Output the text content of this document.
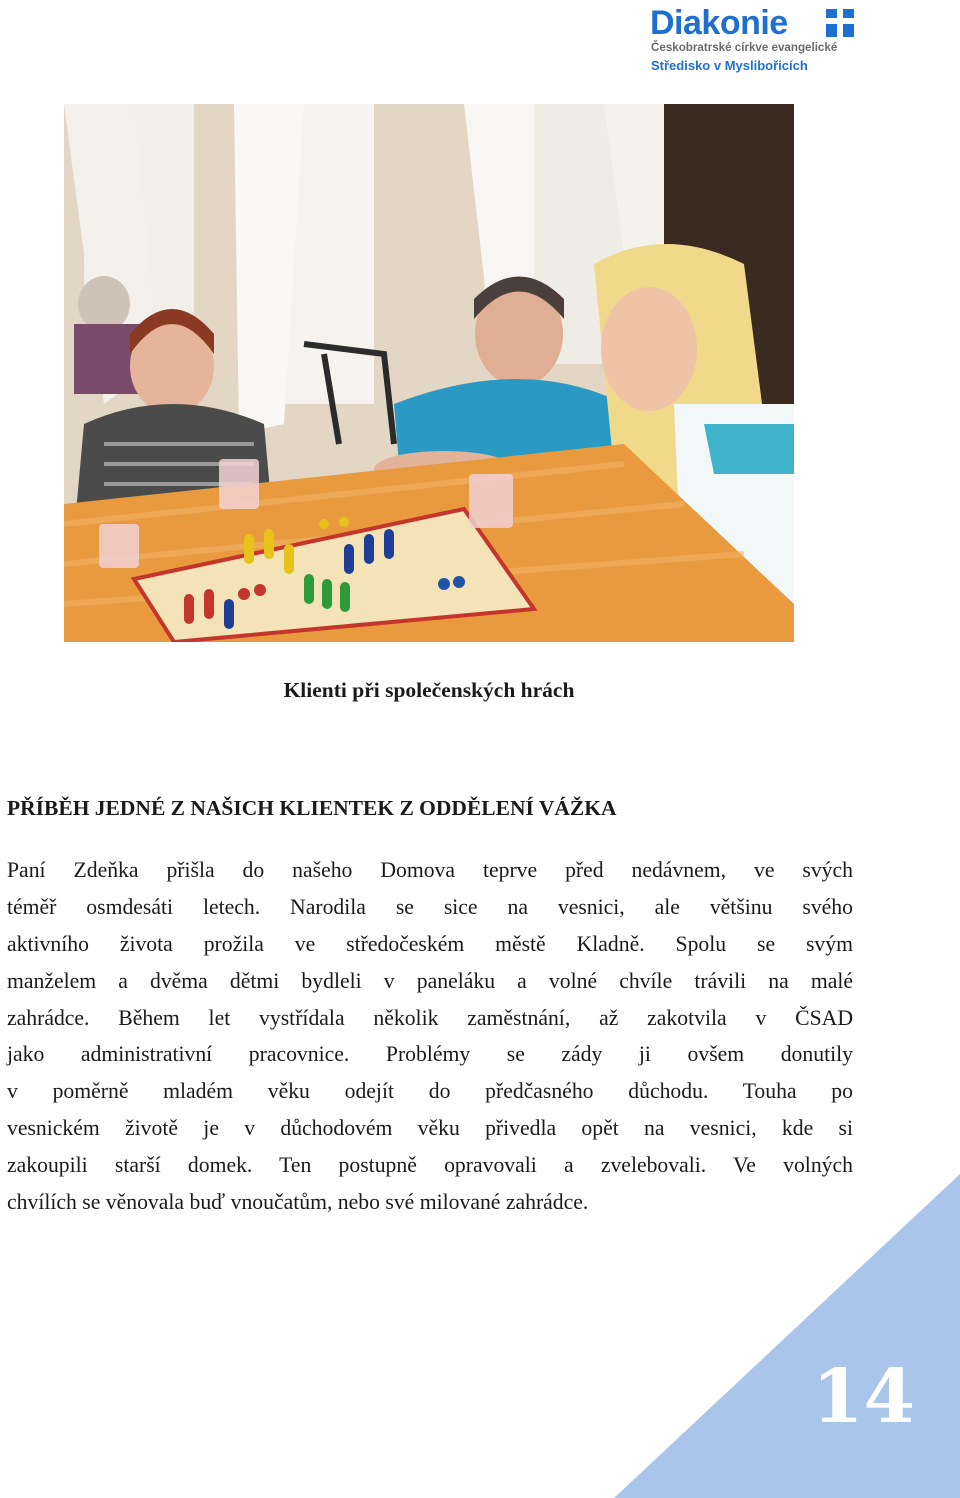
Diakonie
Českobratrské církve evangelické
Středisko v Myslibořicích
Klienti při společenských hrách
PŘÍBĚH JEDNÉ Z NAŠICH KLIENTEK Z ODDĚLENÍ VÁŽKA
Paní Zdeňka přišla do našeho Domova teprve před nedávnem, ve svých
téměř osmdesáti letech. Narodila se sice na vesnici, ale většinu svého
aktivního života prožila ve středočeském městě Kladně. Spolu se svým
manželem a dvěma dětmi bydleli v paneláku a volné chvíle trávili na malé
zahrádce. Během let vystřídala několik zaměstnání, až zakotvila v ČSAD
jako administrativní pracovnice. Problémy se zády ji ovšem donutily
v poměrně mladém věku odejít do předčasného důchodu. Touha po
vesnickém životě je v důchodovém věku přivedla opět na vesnici, kde si
zakoupili starší domek. Ten postupně opravovali a zvelebovali. Ve volných
chvílích se věnovala buď vnoučatům, nebo své milované zahrádce.
14
